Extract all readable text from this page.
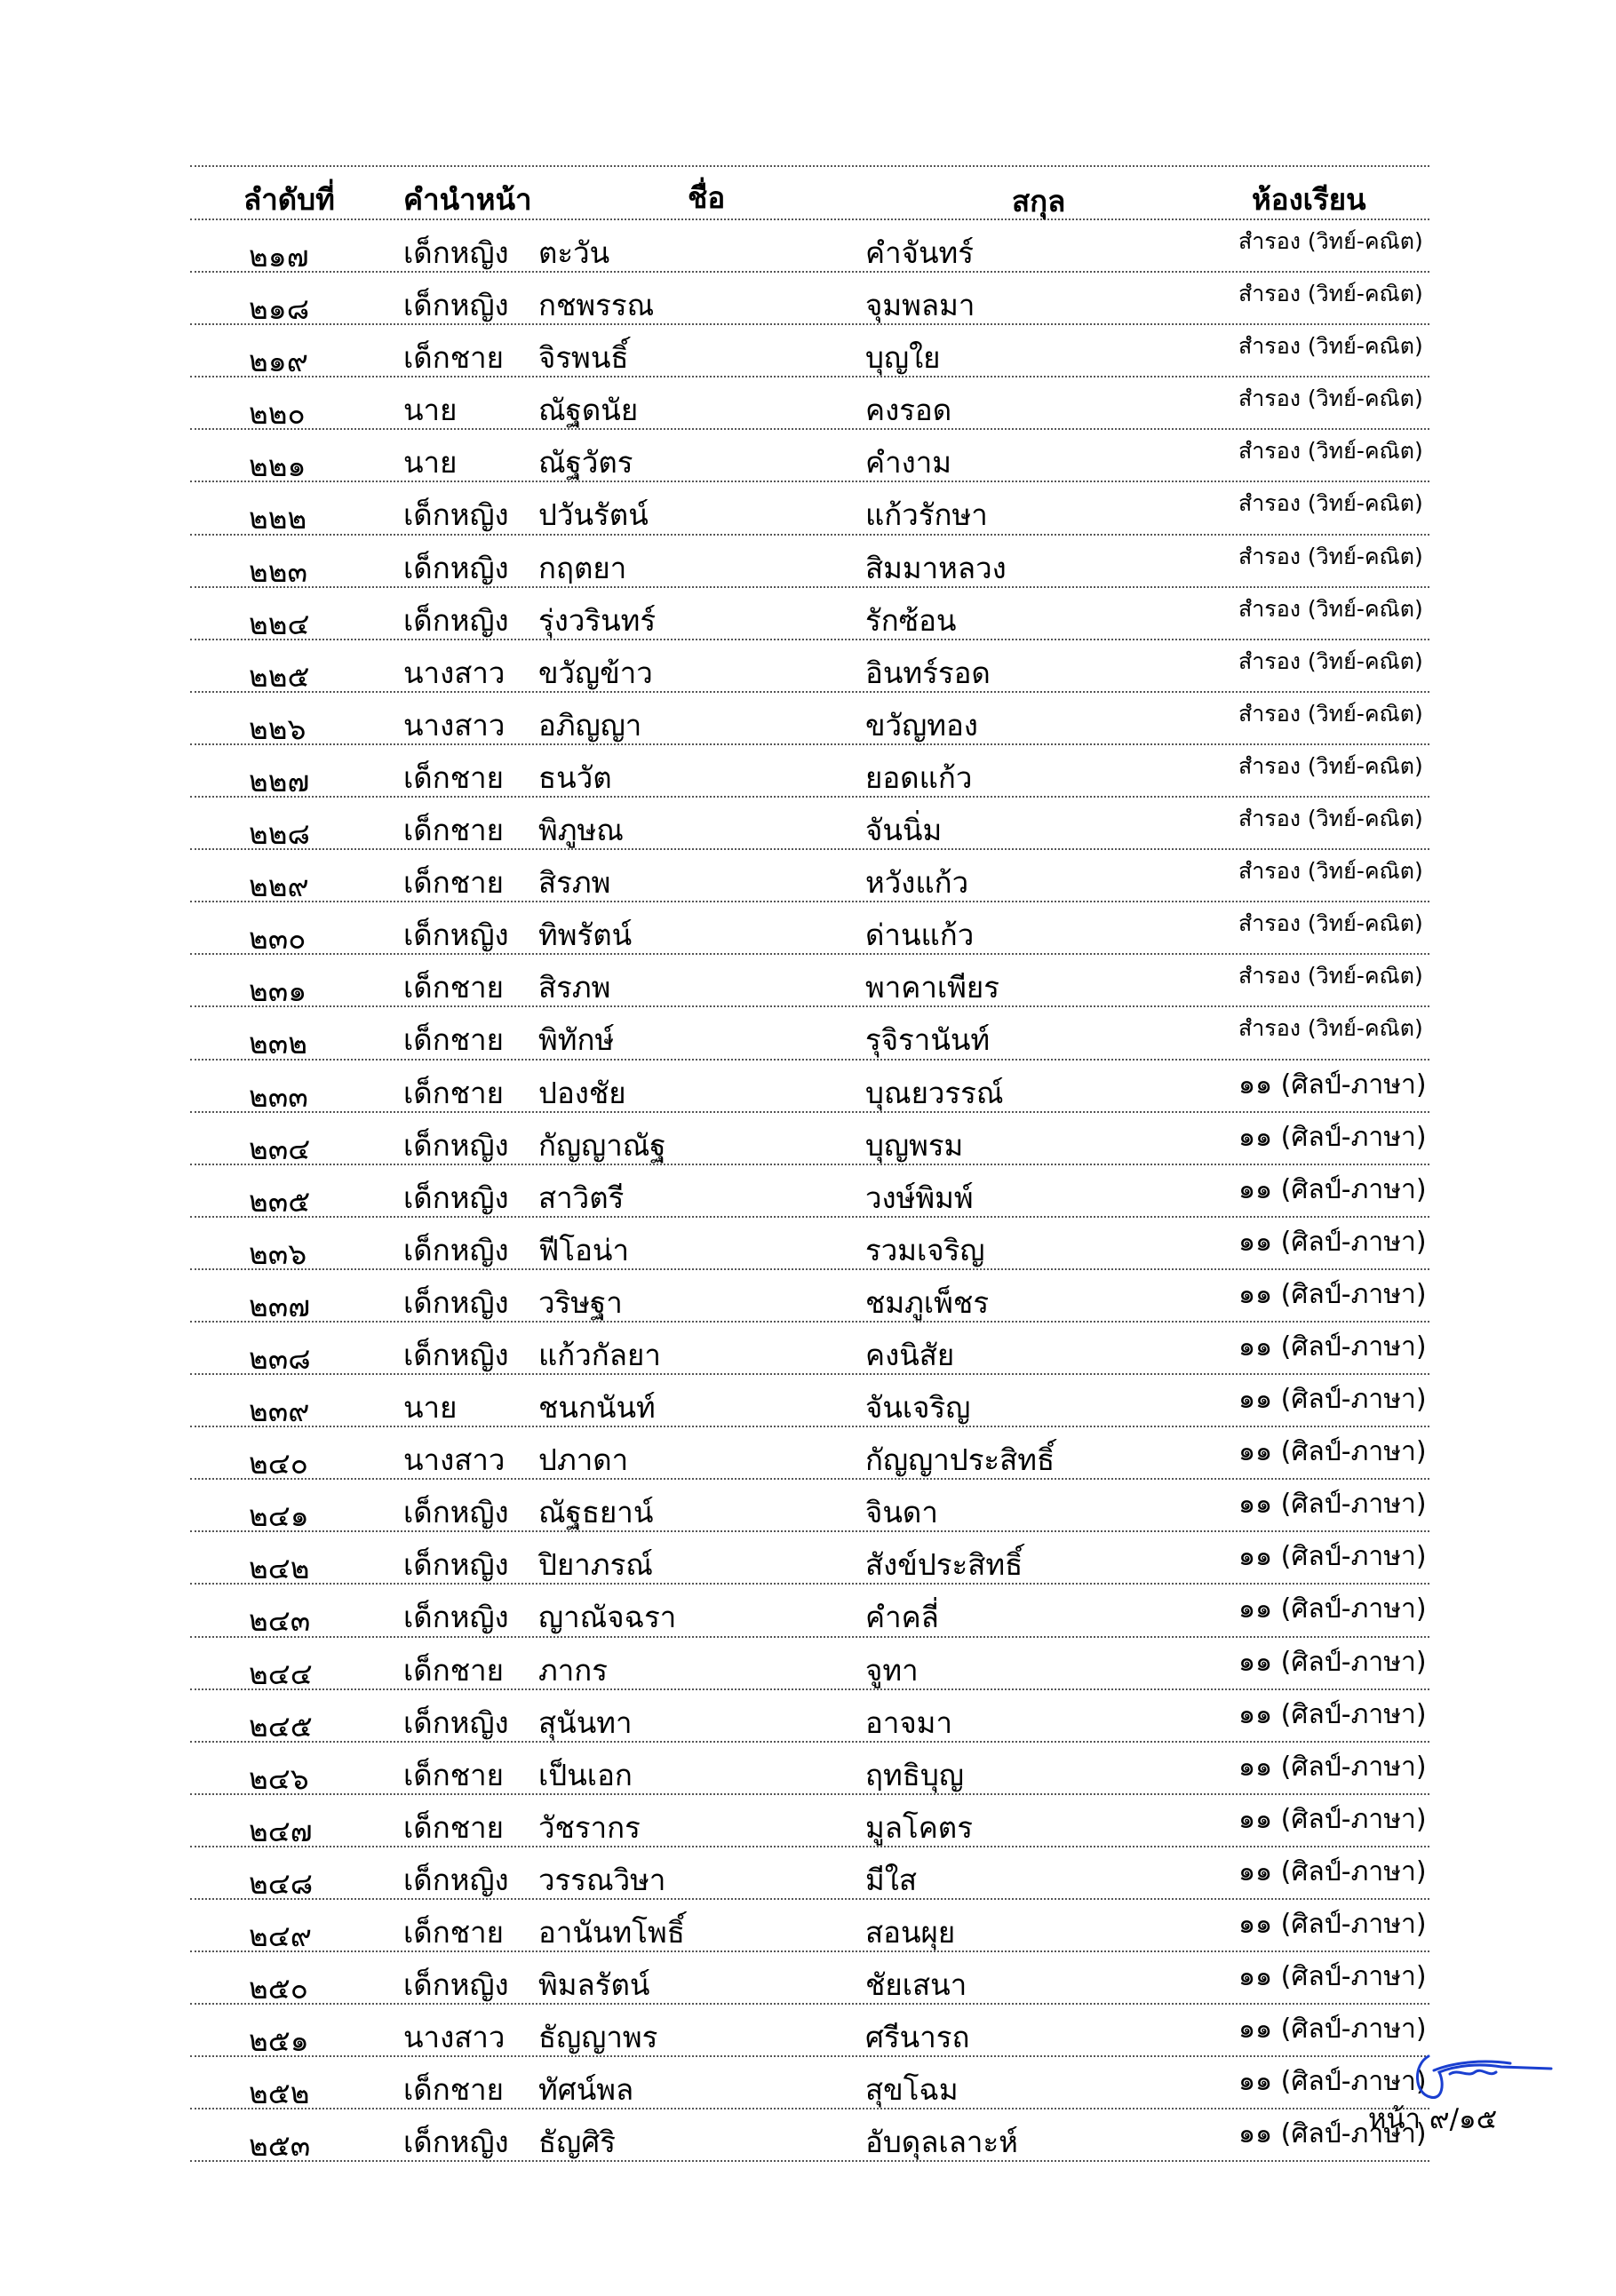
ลำดับที่ คำนำหน้า	ชื่อ	สกุล	ห้องเรียน
๒๑๗	เด็กหญิง ตะวัน	คำจันทร์	สำรอง (วิทย์-คณิต)
๒๑๘	เด็กหญิง กชพรรณ	จุมพลมา	สำรอง (วิทย์-คณิต)
๒๑๙	เด็กชาย จิรพนธิ์	บุญใย	สำรอง (วิทย์-คณิต)
๒๒๐	นาย	ณัฐดนัย	คงรอด	สำรอง (วิทย์-คณิต)
๒๒๑	นาย	ณัฐวัตร	คำงาม	สำรอง (วิทย์-คณิต)
๒๒๒	เด็กหญิง ปวันรัตน์	แก้วรักษา	สำรอง (วิทย์-คณิต)
๒๒๓	เด็กหญิง กฤตยา	สิมมาหลวง	สำรอง (วิทย์-คณิต)
๒๒๔	เด็กหญิง รุ่งวรินทร์	รักซ้อน	สำรอง (วิทย์-คณิต)
๒๒๕	นางสาว ขวัญข้าว	อินทร์รอด	สำรอง (วิทย์-คณิต)
๒๒๖	นางสาว อภิญญา	ขวัญทอง	สำรอง (วิทย์-คณิต)
๒๒๗	เด็กชาย ธนวัต	ยอดแก้ว	สำรอง (วิทย์-คณิต)
๒๒๘	เด็กชาย พิภูษณ	จันนิ่ม	สำรอง (วิทย์-คณิต)
๒๒๙	เด็กชาย สิรภพ	หวังแก้ว	สำรอง (วิทย์-คณิต)
๒๓๐	เด็กหญิง ทิพรัตน์	ด่านแก้ว	สำรอง (วิทย์-คณิต)
๒๓๑	เด็กชาย สิรภพ	พาคาเพียร	สำรอง (วิทย์-คณิต)
๒๓๒	เด็กชาย พิทักษ์	รุจิรานันท์	สำรอง (วิทย์-คณิต)
๒๓๓	เด็กชาย ปองชัย	บุณยวรรณ์	๑๑ (ศิลป์-ภาษา)
๒๓๔	เด็กหญิง กัญญาณัฐ	บุญพรม	๑๑ (ศิลป์-ภาษา)
๒๓๕	เด็กหญิง สาวิตรี	วงษ์พิมพ์	๑๑ (ศิลป์-ภาษา)
๒๓๖	เด็กหญิง ฟีโอน่า	รวมเจริญ	๑๑ (ศิลป์-ภาษา)
๒๓๗	เด็กหญิง วริษฐา	ชมภูเพ็ชร	๑๑ (ศิลป์-ภาษา)
๒๓๘	เด็กหญิง แก้วกัลยา	คงนิสัย	๑๑ (ศิลป์-ภาษา)
๒๓๙	นาย	ชนกนันท์	จันเจริญ	๑๑ (ศิลป์-ภาษา)
๒๔๐	นางสาว ปภาดา	กัญญาประสิทธิ์	๑๑ (ศิลป์-ภาษา)
๒๔๑	เด็กหญิง ณัฐธยาน์	จินดา	๑๑ (ศิลป์-ภาษา)
๒๔๒	เด็กหญิง ปิยาภรณ์	สังข์ประสิทธิ์	๑๑ (ศิลป์-ภาษา)
๒๔๓	เด็กหญิง ญาณัจฉรา	คำคลี่	๑๑ (ศิลป์-ภาษา)
๒๔๔	เด็กชาย ภากร	จูทา	๑๑ (ศิลป์-ภาษา)
๒๔๕	เด็กหญิง สุนันทา	อาจมา	๑๑ (ศิลป์-ภาษา)
๒๔๖	เด็กชาย เป็นเอก	ฤทธิบุญ	๑๑ (ศิลป์-ภาษา)
๒๔๗	เด็กชาย วัชรากร	มูลโคตร	๑๑ (ศิลป์-ภาษา)
๒๔๘	เด็กหญิง วรรณวิษา	มีใส	๑๑ (ศิลป์-ภาษา)
๒๔๙	เด็กชาย อานันทโพธิ์	สอนผุย	๑๑ (ศิลป์-ภาษา)
๒๕๐	เด็กหญิง พิมลรัตน์	ชัยเสนา	๑๑ (ศิลป์-ภาษา)
๒๕๑	นางสาว ธัญญาพร	ศรีนารถ	๑๑ (ศิลป์-ภาษา)
๒๕๒	เด็กชาย ทัศน์พล	สุขโฉม	๑๑ (ศิลป์-ภาษา)
๒๕๓	เด็กหญิง ธัญศิริ	อับดุลเลาะห์	๑๑ (ศิลป์-ภาษา)
หน้า ๙/๑๕
